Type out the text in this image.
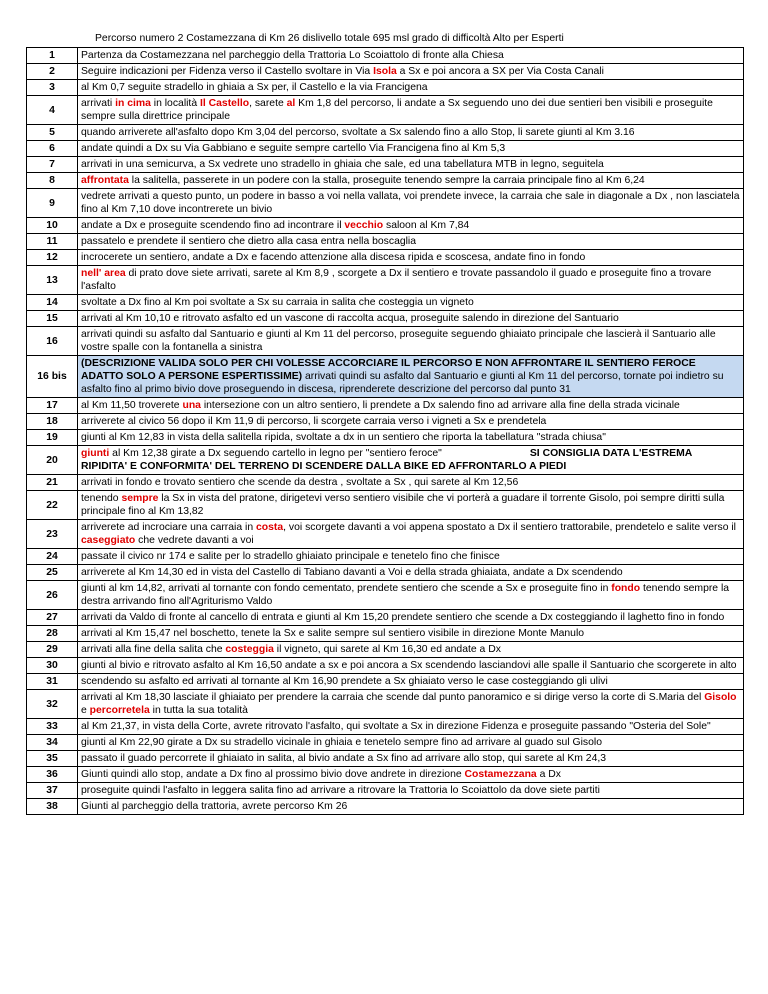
Percorso numero 2 Costamezzana di Km 26 dislivello totale 695 msl grado di difficoltà Alto per Esperti
1	Partenza da Costamezzana nel parcheggio della Trattoria Lo Scoiattolo di fronte alla Chiesa
2	Seguire indicazioni per Fidenza verso il Castello svoltare in Via Isola a Sx e poi ancora a SX per Via Costa Canali
3	al Km 0,7 seguite stradello in ghiaia a Sx per, il Castello e la via Francigena
4	arrivati in cima in località Il Castello, sarete al Km 1,8 del percorso, li andate a Sx seguendo uno dei due sentieri ben visibili e proseguite sempre sulla direttrice principale
5	quando arriverete all'asfalto dopo Km 3,04 del percorso, svoltate a Sx salendo fino a allo Stop, li sarete giunti al Km 3.16
6	andate quindi a Dx su Via Gabbiano e seguite sempre cartello Via Francigena fino al Km 5,3
7	arrivati in una semicurva, a Sx vedrete uno stradello in ghiaia che sale, ed una tabellatura MTB in legno, seguitela
8	affrontata la salitella, passerete in un podere con la stalla, proseguite tenendo sempre la carraia principale fino al Km 6,24
9	vedrete arrivati a questo punto, un podere in basso a voi nella vallata, voi prendete invece, la carraia che sale in diagonale a Dx , non lasciatela fino al Km 7,10 dove incontrerete un bivio
10	andate a Dx e proseguite scendendo fino ad incontrare il vecchio saloon al Km 7,84
11	passatelo e prendete il sentiero che dietro alla casa entra nella boscaglia
12	incrocerete un sentiero, andate a Dx e facendo attenzione alla discesa ripida e scoscesa, andate fino in fondo
13	nell' area di prato dove siete arrivati, sarete al Km 8,9 , scorgete a Dx il sentiero e trovate passandolo il guado e proseguite fino a trovare l'asfalto
14	svoltate a Dx fino al Km poi svoltate a Sx su carraia in salita che costeggia un vigneto
15	arrivati al Km 10,10 e ritrovato asfalto ed un vascone di raccolta acqua, proseguite salendo in direzione del Santuario
16	arrivati quindi su asfalto dal Santuario e giunti al Km 11 del percorso, proseguite seguendo ghiaiato principale che lascierà il Santuario alle vostre spalle con la fontanella a sinistra
16 bis	(DESCRIZIONE VALIDA SOLO PER CHI VOLESSE ACCORCIARE IL PERCORSO E NON AFFRONTARE IL SENTIERO FEROCE ADATTO SOLO A PERSONE ESPERTISSIME) arrivati quindi su asfalto dal Santuario e giunti al Km 11 del percorso, tornate poi indietro su asfalto fino al primo bivio dove proseguendo in discesa, riprenderete descrizione del percorso dal punto 31
17	al Km 11,50 troverete una intersezione con un altro sentiero, li prendete a Dx salendo fino ad arrivare alla fine della strada vicinale
18	arriverete al civico 56 dopo il Km 11,9 di percorso, li scorgete carraia verso i vigneti a Sx e prendetela
19	giunti al Km 12,83 in vista della salitella ripida, svoltate a dx in un sentiero che riporta la tabellatura "strada chiusa"
20	giunti al Km 12,38 girate a Dx seguendo cartello in legno per "sentiero feroce" SI CONSIGLIA DATA L'ESTREMA RIPIDITA' E CONFORMITA' DEL TERRENO DI SCENDERE DALLA BIKE ED AFFRONTARLO A PIEDI
21	arrivati in fondo e trovato sentiero che scende da destra , svoltate a Sx , qui sarete al Km 12,56
22	tenendo sempre la Sx in vista del pratone, dirigetevi verso sentiero visibile che vi porterà a guadare il torrente Gisolo, poi sempre diritti sulla principale fino al Km 13,82
23	arriverete ad incrociare una carraia in costa, voi scorgete davanti a voi appena spostato a Dx il sentiero trattorabile, prendetelo e salite verso il caseggiato che vedrete davanti a voi
24	passate il civico nr 174 e salite per lo stradello ghiaiato principale e tenetelo fino che finisce
25	arriverete al Km 14,30 ed in vista del Castello di Tabiano davanti a Voi e della strada ghiaiata, andate a Dx scendendo
26	giunti al km 14,82, arrivati al tornante con fondo cementato, prendete sentiero che scende a Sx e proseguite fino in fondo tenendo sempre la destra arrivando fino all'Agriturismo Valdo
27	arrivati da Valdo di fronte al cancello di entrata e giunti al Km 15,20 prendete sentiero che scende a Dx costeggiando il laghetto fino in fondo
28	arrivati al Km 15,47 nel boschetto, tenete la Sx e salite sempre sul sentiero visibile in direzione Monte Manulo
29	arrivati alla fine della salita che costeggia il vigneto, qui sarete al Km 16,30 ed andate a Dx
30	giunti al bivio e ritrovato asfalto al Km 16,50 andate a sx e poi ancora a Sx scendendo lasciandovi alle spalle il Santuario che scorgerete in alto
31	scendendo su asfalto ed arrivati al tornante al Km 16,90 prendete a Sx ghiaiato verso le case costeggiando gli ulivi
32	arrivati al Km 18,30 lasciate il ghiaiato per prendere la carraia che scende dal punto panoramico e si dirige verso la corte di S.Maria del Gisolo e percorretela in tutta la sua totalità
33	al Km 21,37, in vista della Corte, avrete ritrovato l'asfalto, qui svoltate a Sx in direzione Fidenza e proseguite passando "Osteria del Sole"
34	giunti al Km 22,90 girate a Dx su stradello vicinale in ghiaia e tenetelo sempre fino ad arrivare al guado sul Gisolo
35	passato il guado percorrete il ghiaiato in salita, al bivio andate a Sx fino ad arrivare allo stop, qui sarete al Km 24,3
36	Giunti quindi allo stop, andate a Dx fino al prossimo bivio dove andrete in direzione Costamezzana a Dx
37	proseguite quindi l'asfalto in leggera salita fino ad arrivare a ritrovare la Trattoria lo Scoiattolo da dove siete partiti
38	Giunti al parcheggio della trattoria, avrete percorso Km 26
